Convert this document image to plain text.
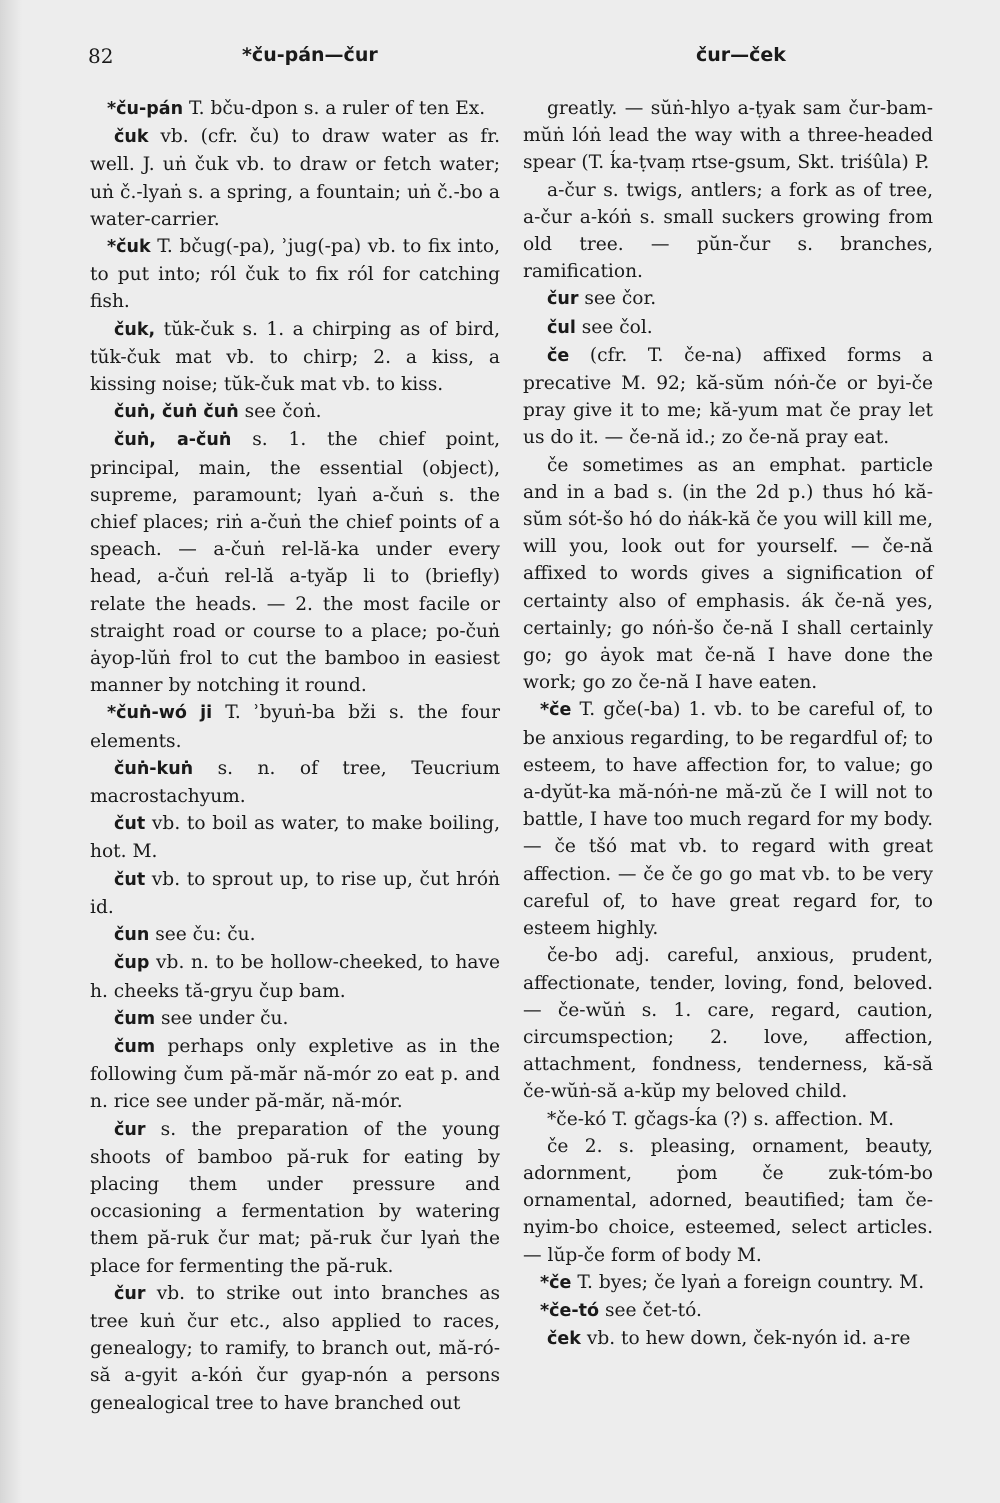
82	*ču-pán—čur	čur—ček

*ču-pán T. bču-dpon s. a ruler of ten Ex.

čuk vb. (cfr. ču) to draw water as fr. well. J. uṅ čuk vb. to draw or fetch water; uṅ č.-lyaṅ s. a spring, a fountain; uṅ č.-bo a water-carrier.

*čuk T. bčug(-pa), ʾjug(-pa) vb. to fix into, to put into; ról čuk to fix ról for catching fish.

čuk, tŭk-čuk s. 1. a chirping as of bird, tŭk-čuk mat vb. to chirp; 2. a kiss, a kissing noise; tŭk-čuk mat vb. to kiss.

čuṅ, čuṅ čuṅ see čoṅ.

čuṅ, a-čuṅ s. 1. the chief point, principal, main, the essential (object), supreme, paramount; lyaṅ a-čuṅ s. the chief places; riṅ a-čuṅ the chief points of a speach. — a-čuṅ rel-lă-ka under every head, a-čuṅ rel-lă a-tyăp li to (briefly) relate the heads. — 2. the most facile or straight road or course to a place; po-čuṅ ȧyop-lŭṅ frol to cut the bamboo in easiest manner by notching it round.

*čuṅ-wó ji T. ʾbyuṅ-ba bži s. the four elements.

čuṅ-kuṅ s. n. of tree, Teucrium macrostachyum.

čut vb. to boil as water, to make boiling, hot. M.

čut vb. to sprout up, to rise up, čut hróṅ id.

čun see ču: ču.

čup vb. n. to be hollow-cheeked, to have h. cheeks tă-gryu čup bam.

čum see under ču.

čum perhaps only expletive as in the following čum pă-măr nă-mór zo eat p. and n. rice see under pă-măr, nă-mór.

čur s. the preparation of the young shoots of bamboo pă-ruk for eating by placing them under pressure and occasioning a fermentation by watering them pă-ruk čur mat; pă-ruk čur lyaṅ the place for fermenting the pă-ruk.

čur vb. to strike out into branches as tree kuṅ čur etc., also applied to races, genealogy; to ramify, to branch out, mă-ró-să a-gyit a-kóṅ čur gyap-nón a persons genealogical tree to have branched out

greatly. — sŭṅ-hlyo a-ṭyak sam čur-bam-mŭṅ lóṅ lead the way with a three-headed spear (T. ḱa-ṭvaṃ rtse-gsum, Skt. triśûla) P.

a-čur s. twigs, antlers; a fork as of tree, a-čur a-kóṅ s. small suckers growing from old tree. — pŭn-čur s. branches, ramification.

čur see čor.

čul see čol.

če (cfr. T. če-na) affixed forms a precative M. 92; kă-sŭm nóṅ-če or byi-če pray give it to me; kă-yum mat če pray let us do it. — če-nă id.; zo če-nă pray eat.

če sometimes as an emphat. particle and in a bad s. (in the 2d p.) thus hó kă-sŭm sót-šo hó do ṅák-kă če you will kill me, will you, look out for yourself. — če-nă affixed to words gives a signification of certainty also of emphasis. ák če-nă yes, certainly; go nóṅ-šo če-nă I shall certainly go; go ȧyok mat če-nă I have done the work; go zo če-nă I have eaten.

*če T. gče(-ba) 1. vb. to be careful of, to be anxious regarding, to be regardful of; to esteem, to have affection for, to value; go a-dyŭt-ka mă-nóṅ-ne mă-zŭ če I will not to battle, I have too much regard for my body. — če tšó mat vb. to regard with great affection. — če če go go mat vb. to be very careful of, to have great regard for, to esteem highly.

če-bo adj. careful, anxious, prudent, affectionate, tender, loving, fond, beloved. — če-wŭṅ s. 1. care, regard, caution, circumspection; 2. love, affection, attachment, fondness, tenderness, kă-să če-wŭṅ-să a-kŭp my beloved child.

*če-kó T. gčags-ḱa (?) s. affection. M.

če 2. s. pleasing, ornament, beauty, adornment, ṗom če zuk-tóm-bo ornamental, adorned, beautified; ṫam če-nyim-bo choice, esteemed, select articles. — lŭp-če form of body M.

*če T. byes; če lyaṅ a foreign country. M.

*če-tó see čet-tó.

ček vb. to hew down, ček-nyón id. a-re
